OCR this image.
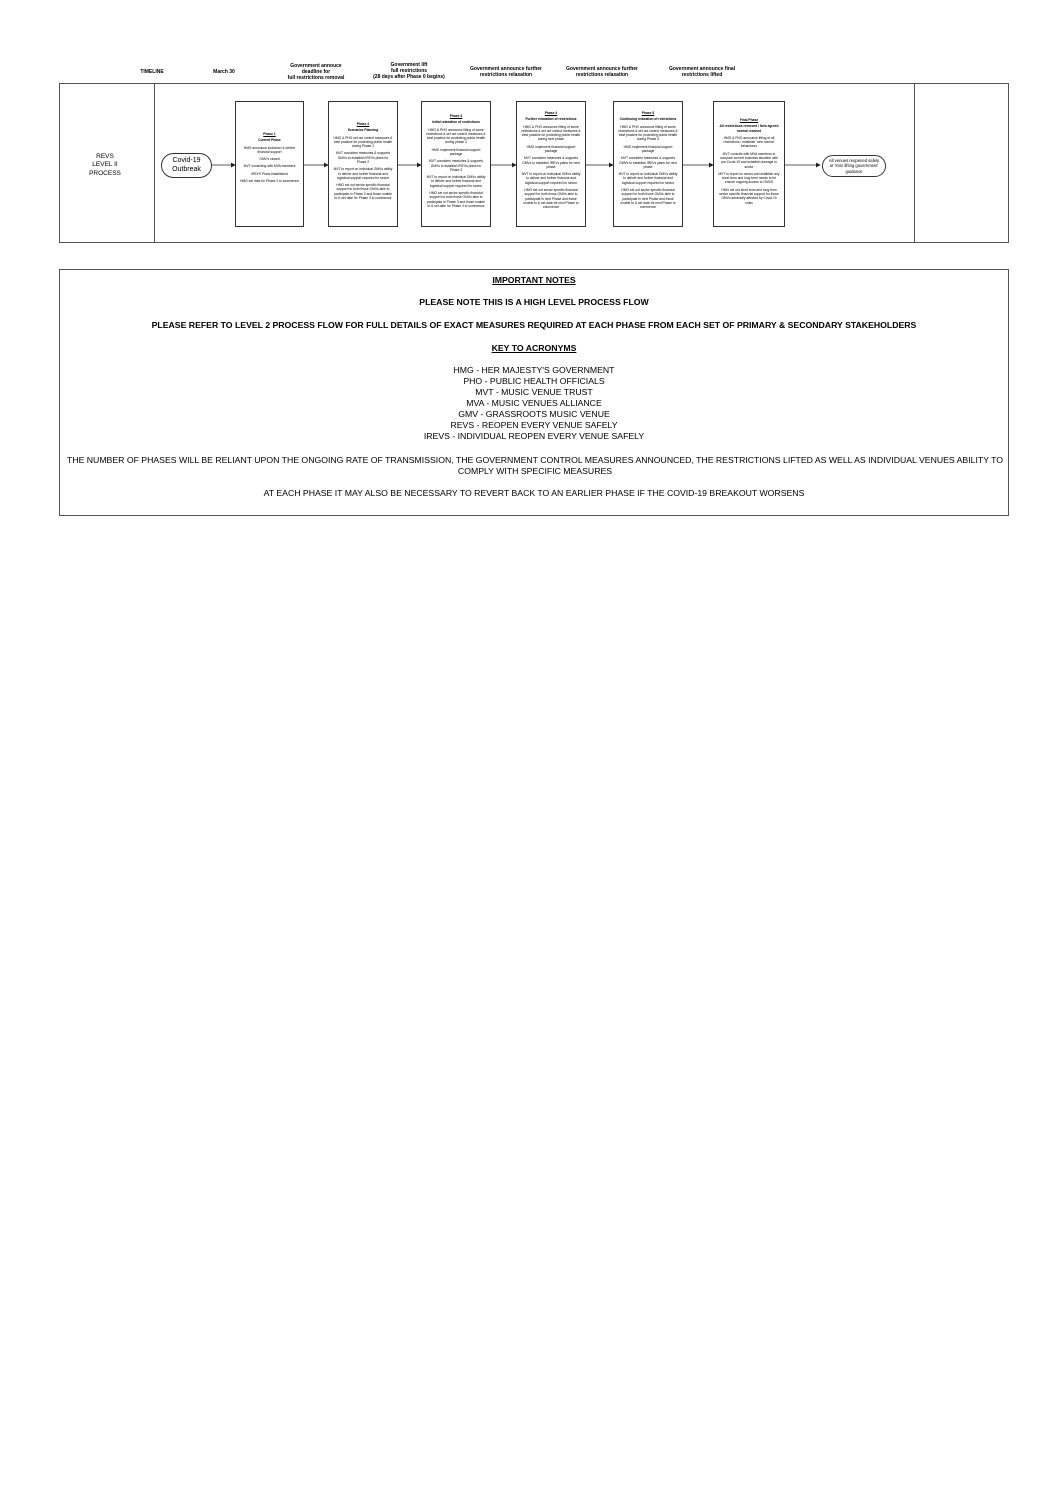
TIMELINE	March 30
Government annouce
deadline for
full restrictions removal
Government lift
full restrictions
(28 days after Phase 0 begins)
Government announce further
restrictions relaxation
Government announce further
restrictions relaxation
Government announce final
restrictions lifted
REVS
LEVEL II
PROCESS
Covid-19
Outbreak
All venues reopened safely or 'Irvin lifting government' guidance
Phase 1
Current Phase
HMG announce lockdown & deliver financial support
GMV's closed
MVT consulting with MVA members
IREVS Plans established
HMG set date for Phase 2 to commence
Phase 2
Scenarios Planning
HMG & PHO set out control measures & best practice for protecting public health during Phase 2
MVT considers measures & supports GMVs to establish IREVs plans for Phase 2
MVT to report on individual GMVs ability to deliver and further financial and logistical support required for sector
HMG set out sector specific financial support for both those GMVs able to participate in Phase 2 and those unable to & set date for Phase 3 to commence
Phase 3
Initial relaxation of restrictions
HMG & PHO announce lifting of some restrictions & set out control measures & best practice for protecting public health during phase 3
HMG implement financial support package
MVT considers measures & supports GMVs to establish IREVs plans for Phase 3
MVT to report on individual GMVs ability to deliver and further financial and logistical support required for sector
HMG set out sector specific financial support for both those GMVs able to participate in Phase 3 and those unable to & set date for Phase 4 to commence
Phase 4
Further relaxation of restrictions
HMG & PHO announce lifting of some restrictions & set out control measures & best practice for protecting public health during next phase
HMG implement financial support package
MVT considers measures & supports GMVs to establish IREVs plans for next phase
MVT to report on individual GMVs ability to deliver and further financial and logistical support required for sector
HMG set out sector specific financial support for both those GMVs able to participate in next Phase and those unable to & set date for next Phase to commence
Phase 5
Continuing relaxation of restrictions
HMG & PHO announce lifting of some restrictions & set out control measures & best practice for protecting public health during Phase 5
HMG implement financial support package
MVT considers measures & supports GMVs to establish IREVs plans for next phase
MVT to report on individual GMVs ability to deliver and further financial and logistical support required for sector
HMG set out sector specific financial support for both those GMVs able to participate in next Phase and those unable to & set date for next Phase to commence
Final Phase
All restrictions removed / New agreed normal reached
HMG & PHO announce lifting of all restrictions / establish 'new normal' behaviours
MVT consults with MVA members to compare current business situation with pre-Covid-19 and establish damage to sector
MVT to report on sector and establish any short term and long term needs to be ensure ongoing access to GMVS
HMG set out short term and long term sector specific financial support for those GMVs adversely affected by Covid-19 crisis
IMPORTANT NOTES
PLEASE NOTE THIS IS A HIGH LEVEL PROCESS FLOW
PLEASE REFER TO LEVEL 2 PROCESS FLOW FOR FULL DETAILS OF EXACT MEASURES REQUIRED AT EACH PHASE FROM EACH SET OF PRIMARY & SECONDARY STAKEHOLDERS
KEY TO ACRONYMS
HMG - HER MAJESTY'S GOVERNMENT
PHO - PUBLIC HEALTH OFFICIALS
MVT - MUSIC VENUE TRUST
MVA - MUSIC VENUES ALLIANCE
GMV - GRASSROOTS MUSIC VENUE
REVS - REOPEN EVERY VENUE SAFELY
IREVS - INDIVIDUAL REOPEN EVERY VENUE SAFELY
THE NUMBER OF PHASES WILL BE RELIANT UPON THE ONGOING RATE OF TRANSMISSION, THE GOVERNMENT CONTROL MEASURES ANNOUNCED, THE RESTRICTIONS LIFTED AS WELL AS INDIVIDUAL VENUES ABILITY TO COMPLY WITH SPECIFIC MEASURES
AT EACH PHASE IT MAY ALSO BE NECESSARY TO REVERT BACK TO AN EARLIER PHASE IF THE COVID-19 BREAKOUT WORSENS
